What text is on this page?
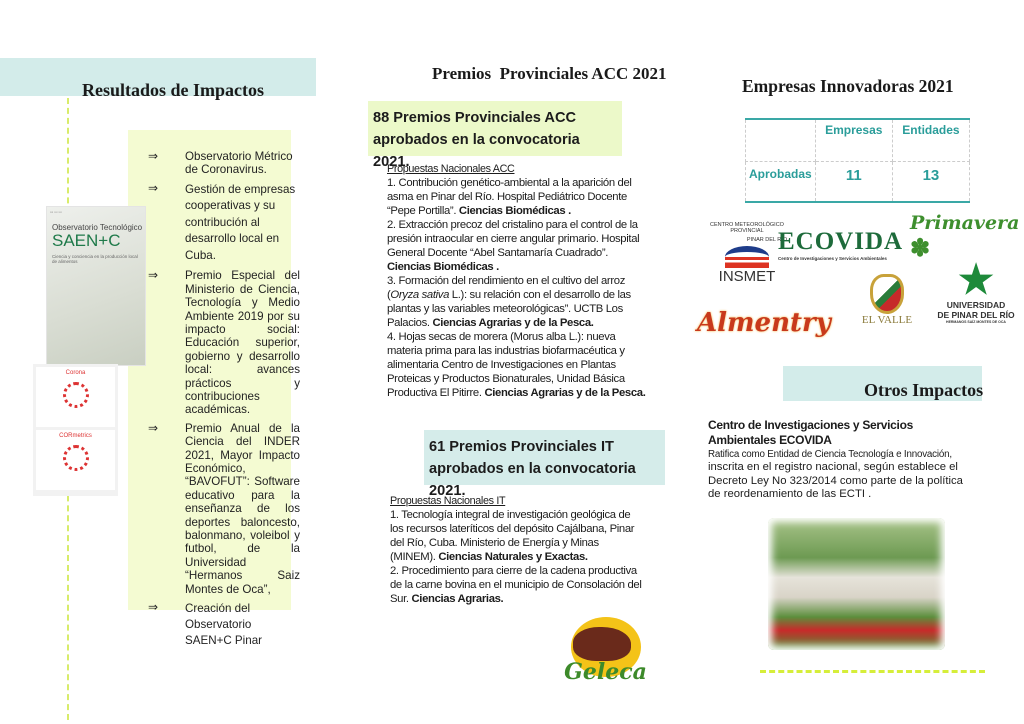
Resultados de Impactos
⇒	Observatorio Métrico de Coronavirus.
⇒	Gestión de empresas cooperativas y su contribución al desarrollo local en Cuba.
⇒	Premio Especial del Ministerio de Ciencia, Tecnología y Medio Ambiente 2019 por su impacto social: Educación superior, gobierno y desarrollo local: avances prácticos y contribuciones académicas.
⇒	Premio Anual de la Ciencia del INDER 2021, Mayor Impacto Económico, “BAVOFUT”: Software educativo para la enseñanza de los deportes baloncesto, balonmano, voleibol y futbol, de la Universidad “Hermanos Saiz Montes de Oca”,
⇒	Creación del Observatorio SAEN+C Pinar
▭ ▭ ▭
Observatorio Tecnológico
SAEN+C
Ciencia y conciencia en la producción local de alimentos
Corona
CORmetrics
Premios  Provinciales ACC 2021
88 Premios Provinciales ACC aprobados en la convocatoria 2021.
Propuestas Nacionales ACC
1. Contribución genético-ambiental a la aparición del asma en Pinar del Río. Hospital Pediátrico Docente “Pepe Portilla”. Ciencias Biomédicas .
2. Extracción precoz del cristalino para el control de la presión intraocular en cierre angular primario. Hospital General Docente “Abel Santamaría Cuadrado”. Ciencias Biomédicas .
3. Formación del rendimiento en el cultivo del arroz (Oryza sativa L.): su relación con el desarrollo de las plantas y las variables meteorológicas”. UCTB Los Palacios. Ciencias Agrarias y de la Pesca.
4. Hojas secas de morera (Morus alba L.): nueva materia prima para las industrias biofarmacéutica y alimentaria Centro de Investigaciones en Plantas Proteicas y Productos Bionaturales, Unidad Básica Productiva El Pitirre. Ciencias Agrarias y de la Pesca.
61 Premios Provinciales IT aprobados en la convocatoria 2021.
Propuestas Nacionales IT
1. Tecnología integral de investigación geológica de los recursos lateríticos del depósito Cajálbana, Pinar del Río, Cuba. Ministerio de Energía y Minas (MINEM). Ciencias Naturales y Exactas.
2. Procedimiento para cierre de la cadena productiva de la carne bovina en el municipio de Consolación del Sur. Ciencias Agrarias.
Geleca
Empresas Innovadoras 2021
	Empresas	Entidades
Aprobadas	11	13
CENTRO METEOROLÓGICO PROVINCIAL
PINAR DEL RÍO
INSMET
ECOVIDA
Centro de Investigaciones y Servicios Ambientales
Primavera ✽
Almentry	EL VALLE
★
UNIVERSIDAD
DE PINAR DEL RÍO
HERMANOS SAÍZ MONTES DE OCA
Otros Impactos
Centro de Investigaciones y Servicios Ambientales ECOVIDA
Ratifica como Entidad de Ciencia Tecnología e Innovación,
inscrita en el registro nacional, según establece el Decreto Ley No 323/2014 como parte de la política de reordenamiento de las ECTI .
